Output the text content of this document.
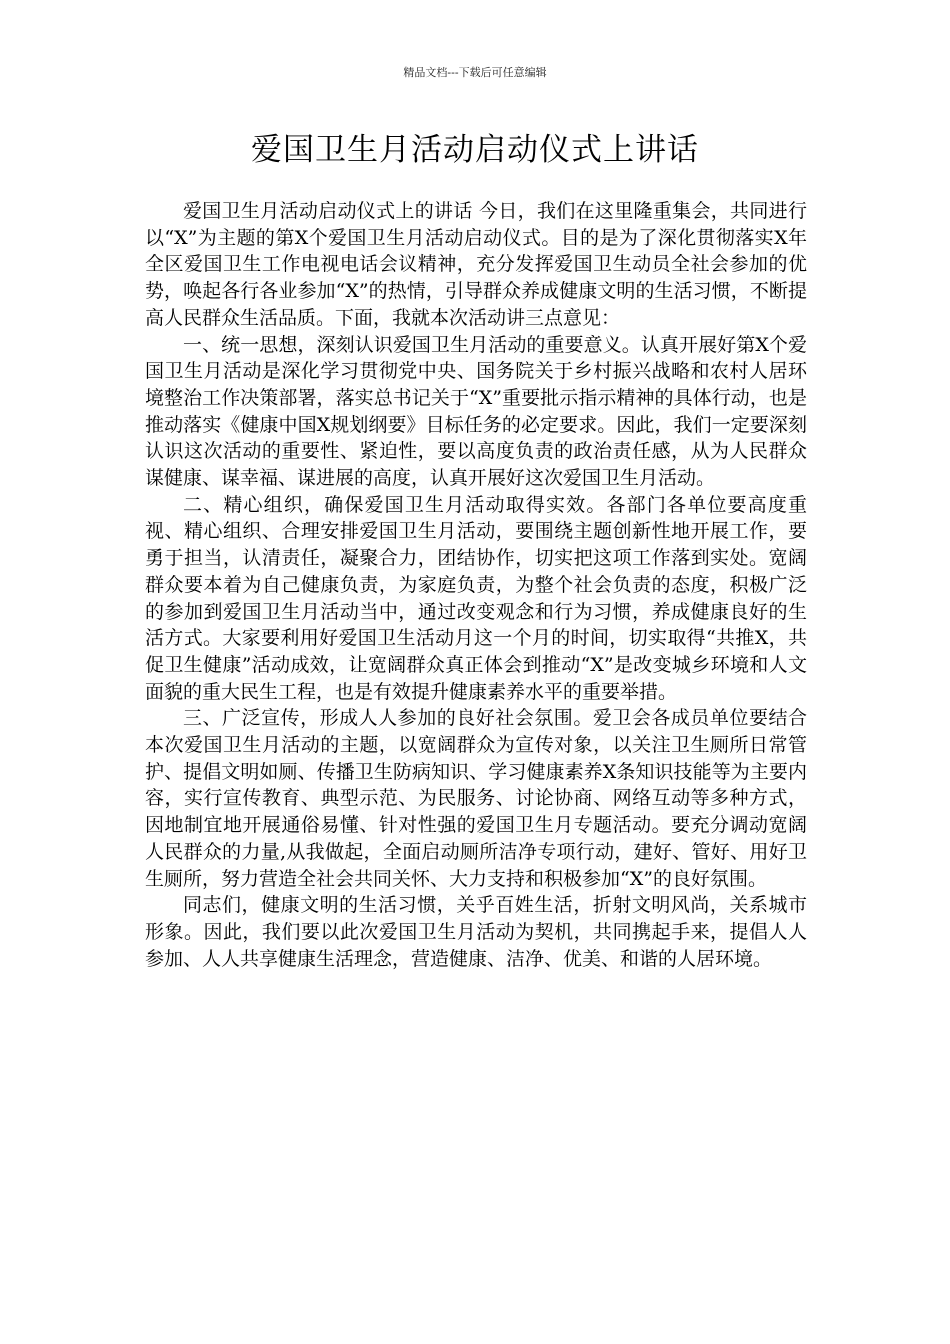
精品文档---下载后可任意编辑
爱国卫生月活动启动仪式上讲话

爱国卫生月活动启动仪式上的讲话 今日，我们在这里隆重集会，共同进行以“X”为主题的第X个爱国卫生月活动启动仪式。目的是为了深化贯彻落实X年全区爱国卫生工作电视电话会议精神，充分发挥爱国卫生动员全社会参加的优势，唤起各行各业参加“X”的热情，引导群众养成健康文明的生活习惯，不断提高人民群众生活品质。下面，我就本次活动讲三点意见：

一、统一思想，深刻认识爱国卫生月活动的重要意义。认真开展好第X个爱国卫生月活动是深化学习贯彻党中央、国务院关于乡村振兴战略和农村人居环境整治工作决策部署，落实总书记关于“X”重要批示指示精神的具体行动，也是推动落实《健康中国X规划纲要》目标任务的必定要求。因此，我们一定要深刻认识这次活动的重要性、紧迫性，要以高度负责的政治责任感，从为人民群众谋健康、谋幸福、谋进展的高度，认真开展好这次爱国卫生月活动。

二、精心组织，确保爱国卫生月活动取得实效。各部门各单位要高度重视、精心组织、合理安排爱国卫生月活动，要围绕主题创新性地开展工作，要勇于担当，认清责任，凝聚合力，团结协作，切实把这项工作落到实处。宽阔群众要本着为自己健康负责，为家庭负责，为整个社会负责的态度，积极广泛的参加到爱国卫生月活动当中，通过改变观念和行为习惯，养成健康良好的生活方式。大家要利用好爱国卫生活动月这一个月的时间，切实取得“共推X，共促卫生健康”活动成效，让宽阔群众真正体会到推动“X”是改变城乡环境和人文面貌的重大民生工程，也是有效提升健康素养水平的重要举措。

三、广泛宣传，形成人人参加的良好社会氛围。爱卫会各成员单位要结合本次爱国卫生月活动的主题，以宽阔群众为宣传对象，以关注卫生厕所日常管护、提倡文明如厕、传播卫生防病知识、学习健康素养X条知识技能等为主要内容，实行宣传教育、典型示范、为民服务、讨论协商、网络互动等多种方式，因地制宜地开展通俗易懂、针对性强的爱国卫生月专题活动。要充分调动宽阔人民群众的力量,从我做起，全面启动厕所洁净专项行动，建好、管好、用好卫生厕所，努力营造全社会共同关怀、大力支持和积极参加“X”的良好氛围。

同志们，健康文明的生活习惯，关乎百姓生活，折射文明风尚，关系城市形象。因此，我们要以此次爱国卫生月活动为契机，共同携起手来，提倡人人参加、人人共享健康生活理念，营造健康、洁净、优美、和谐的人居环境。
